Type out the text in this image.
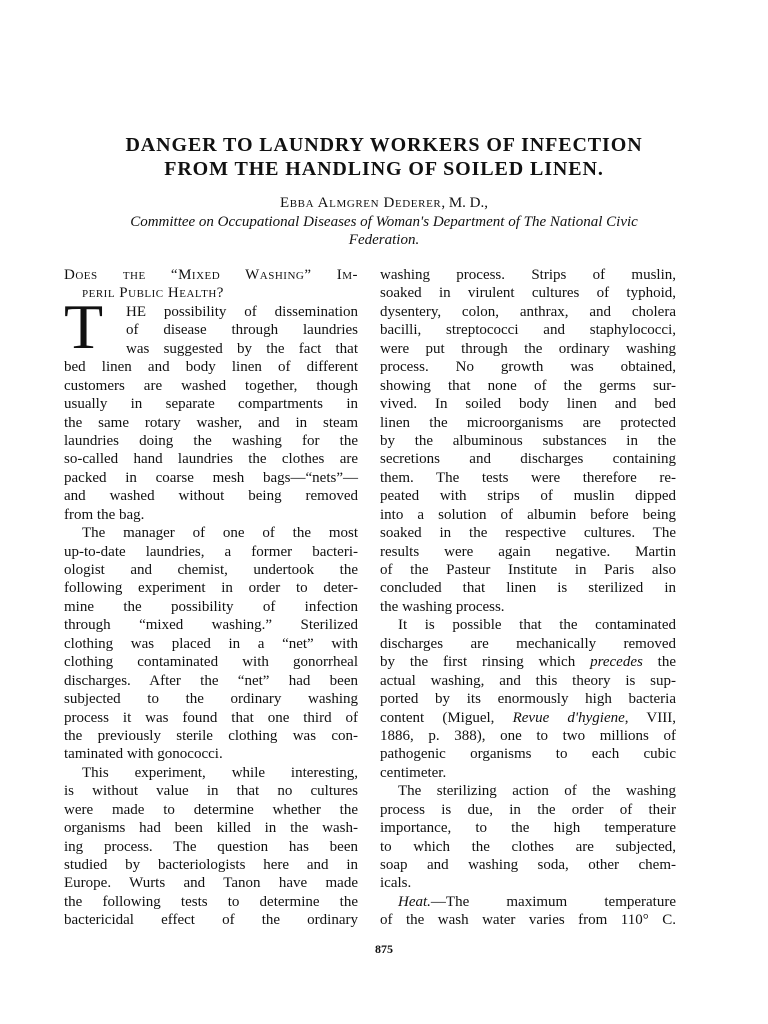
DANGER TO LAUNDRY WORKERS OF INFECTION
FROM THE HANDLING OF SOILED LINEN.
Ebba Almgren Dederer, M. D.,
Committee on Occupational Diseases of Woman's Department of The National Civic
Federation.
T
Does the “Mixed Washing” Im-
peril Public Health?
HE possibility of dissemination
of disease through laundries
was suggested by the fact that
bed linen and body linen of different
customers are washed together, though
usually in separate compartments in
the same rotary washer, and in steam
laundries doing the washing for the
so-called hand laundries the clothes are
packed in coarse mesh bags—“nets”—
and washed without being removed
from the bag.
The manager of one of the most
up-to-date laundries, a former bacteri-
ologist and chemist, undertook the
following experiment in order to deter-
mine the possibility of infection
through “mixed washing.” Sterilized
clothing was placed in a “net” with
clothing contaminated with gonorrheal
discharges. After the “net” had been
subjected to the ordinary washing
process it was found that one third of
the previously sterile clothing was con-
taminated with gonococci.
This experiment, while interesting,
is without value in that no cultures
were made to determine whether the
organisms had been killed in the wash-
ing process. The question has been
studied by bacteriologists here and in
Europe. Wurts and Tanon have made
the following tests to determine the
bactericidal effect of the ordinary
washing process. Strips of muslin,
soaked in virulent cultures of typhoid,
dysentery, colon, anthrax, and cholera
bacilli, streptococci and staphylococci,
were put through the ordinary washing
process. No growth was obtained,
showing that none of the germs sur-
vived. In soiled body linen and bed
linen the microorganisms are protected
by the albuminous substances in the
secretions and discharges containing
them. The tests were therefore re-
peated with strips of muslin dipped
into a solution of albumin before being
soaked in the respective cultures. The
results were again negative. Martin
of the Pasteur Institute in Paris also
concluded that linen is sterilized in
the washing process.
It is possible that the contaminated
discharges are mechanically removed
by the first rinsing which precedes the
actual washing, and this theory is sup-
ported by its enormously high bacteria
content (Miguel, Revue d'hygiene, VIII,
1886, p. 388), one to two millions of
pathogenic organisms to each cubic
centimeter.
The sterilizing action of the washing
process is due, in the order of their
importance, to the high temperature
to which the clothes are subjected,
soap and washing soda, other chem-
icals.
Heat.—The maximum temperature
of the wash water varies from 110° C.
875
